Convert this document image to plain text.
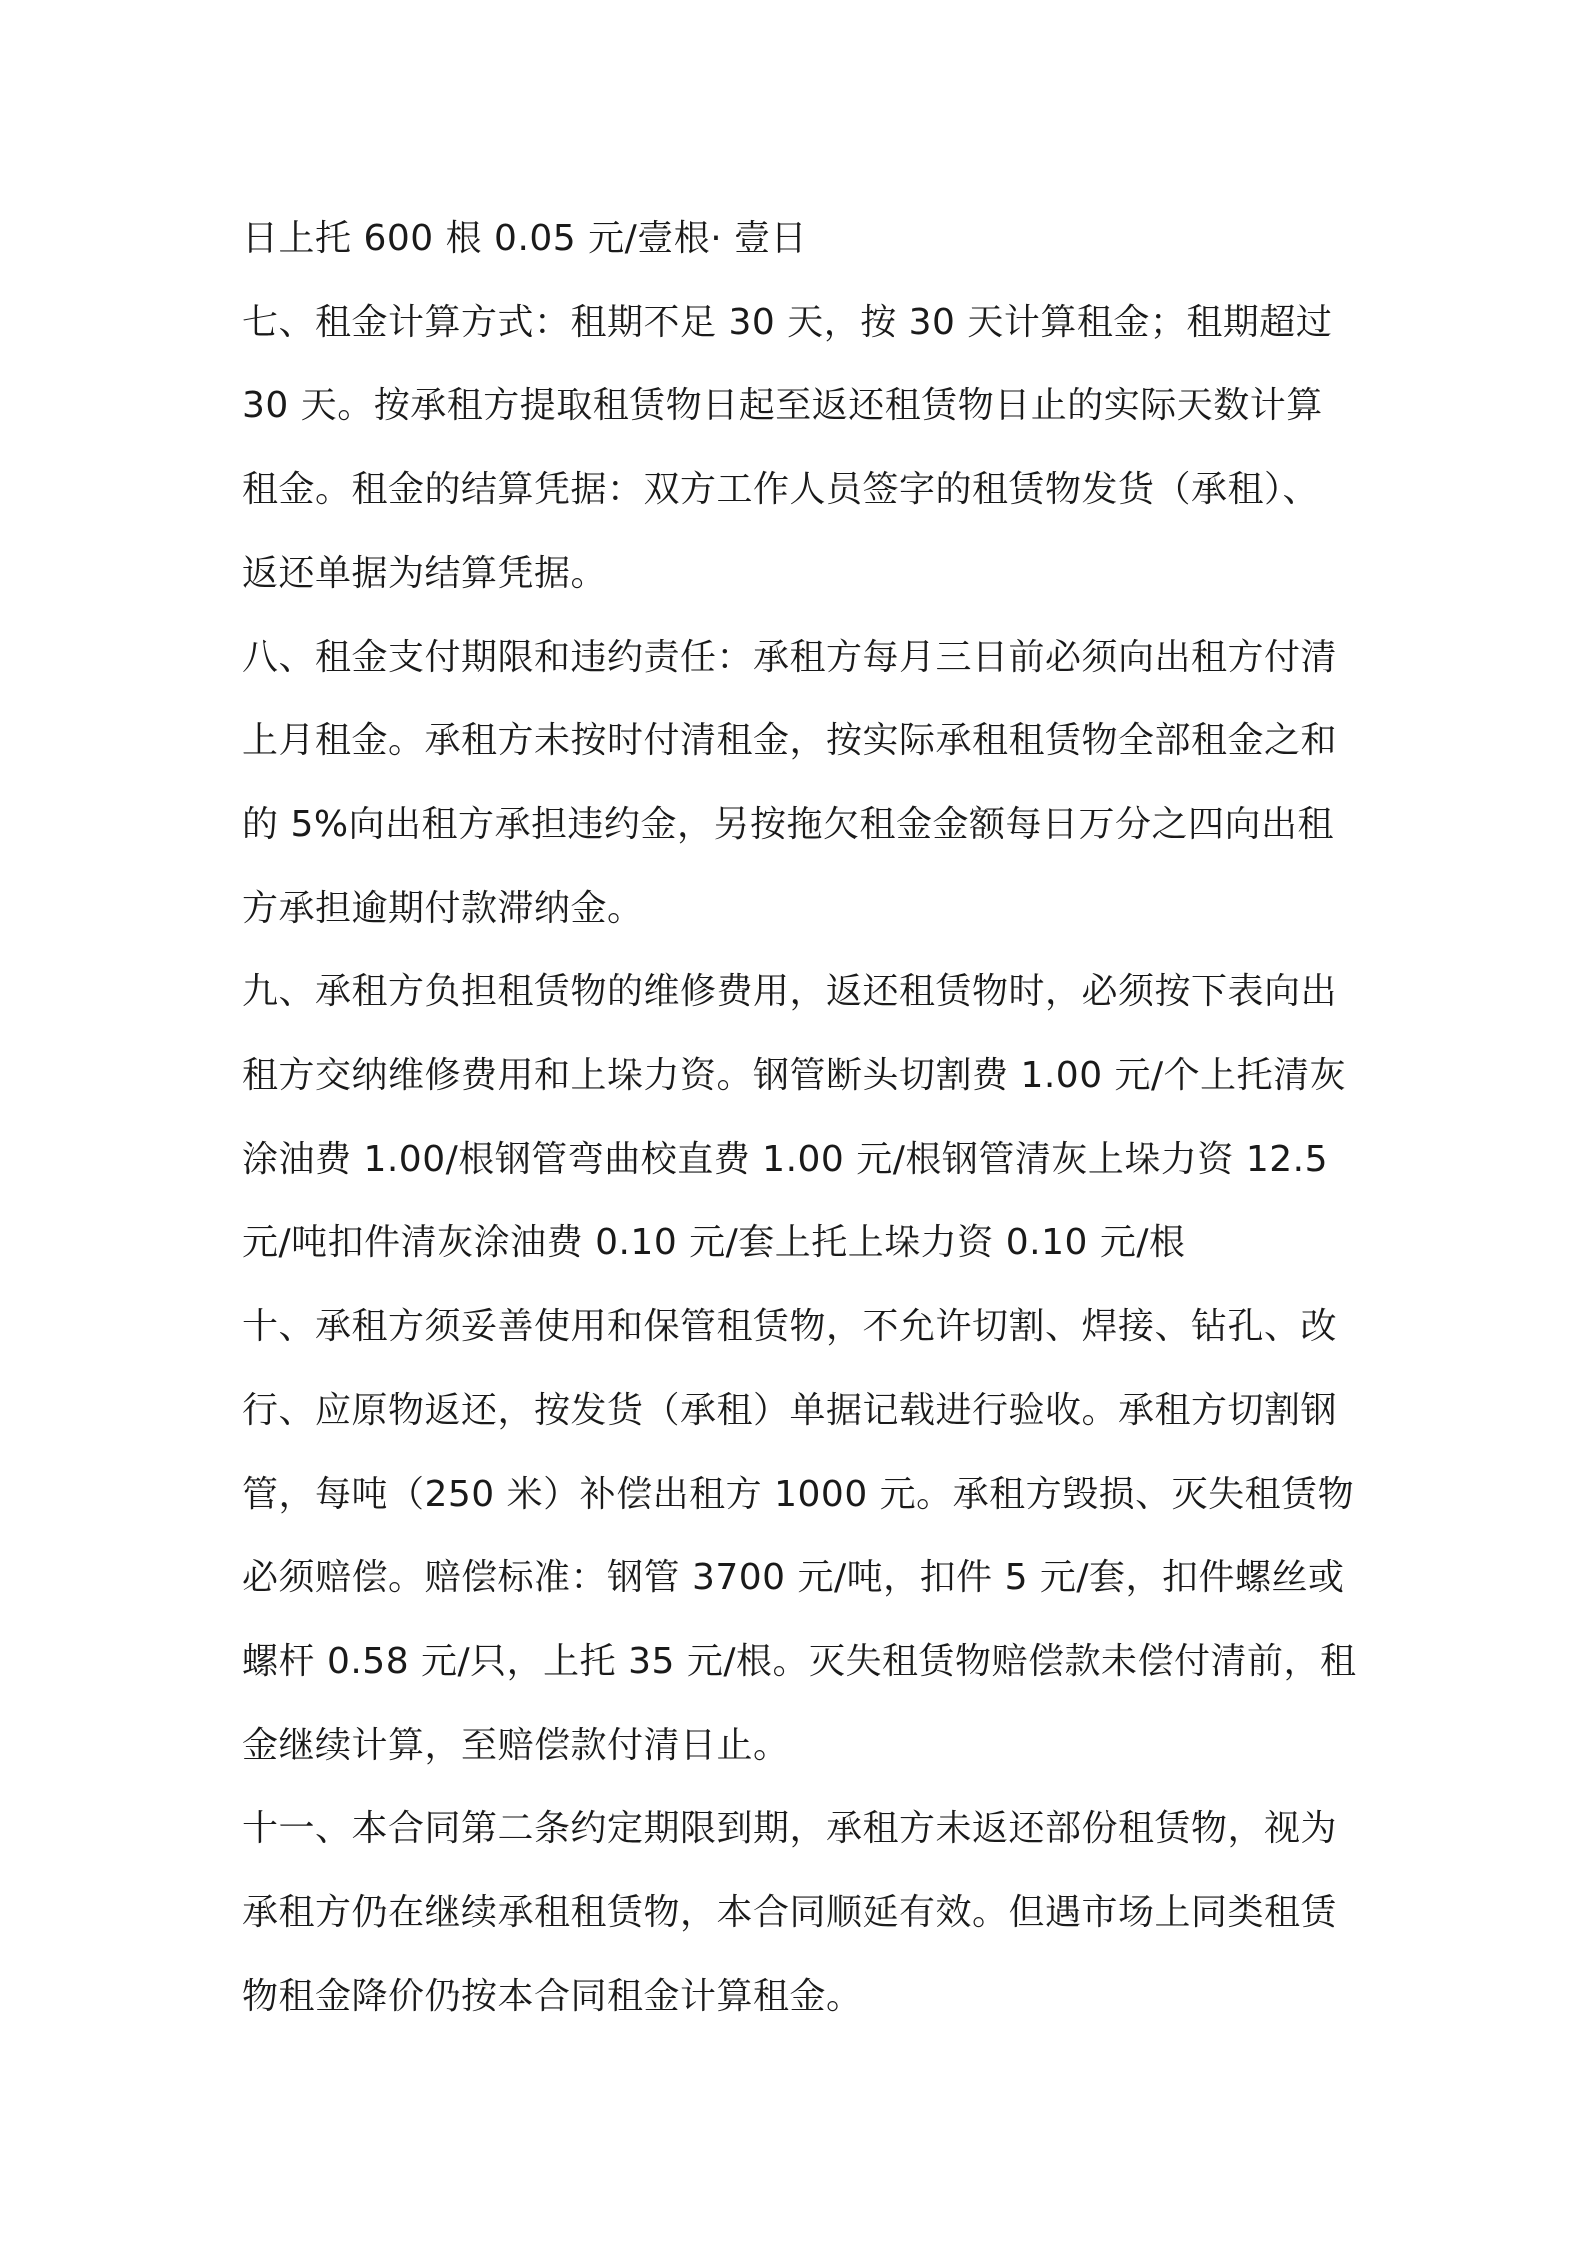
日上托 600 根 0.05 元/壹根· 壹日

七、租金计算方式：租期不足 30 天，按 30 天计算租金；租期超过

30 天。按承租方提取租赁物日起至返还租赁物日止的实际天数计算

租金。租金的结算凭据：双方工作人员签字的租赁物发货（承租）、

返还单据为结算凭据。

八、租金支付期限和违约责任：承租方每月三日前必须向出租方付清

上月租金。承租方未按时付清租金，按实际承租租赁物全部租金之和

的 5%向出租方承担违约金，另按拖欠租金金额每日万分之四向出租

方承担逾期付款滞纳金。

九、承租方负担租赁物的维修费用，返还租赁物时，必须按下表向出

租方交纳维修费用和上垛力资。钢管断头切割费 1.00 元/个上托清灰

涂油费 1.00/根钢管弯曲校直费 1.00 元/根钢管清灰上垛力资 12.5

元/吨扣件清灰涂油费 0.10 元/套上托上垛力资 0.10 元/根

十、承租方须妥善使用和保管租赁物，不允许切割、焊接、钻孔、改

行、应原物返还，按发货（承租）单据记载进行验收。承租方切割钢

管，每吨（250 米）补偿出租方 1000 元。承租方毁损、灭失租赁物

必须赔偿。赔偿标准：钢管 3700 元/吨，扣件 5 元/套，扣件螺丝或

螺杆 0.58 元/只，上托 35 元/根。灭失租赁物赔偿款未偿付清前，租

金继续计算，至赔偿款付清日止。

十一、本合同第二条约定期限到期，承租方未返还部份租赁物，视为

承租方仍在继续承租租赁物，本合同顺延有效。但遇市场上同类租赁

物租金降价仍按本合同租金计算租金。
